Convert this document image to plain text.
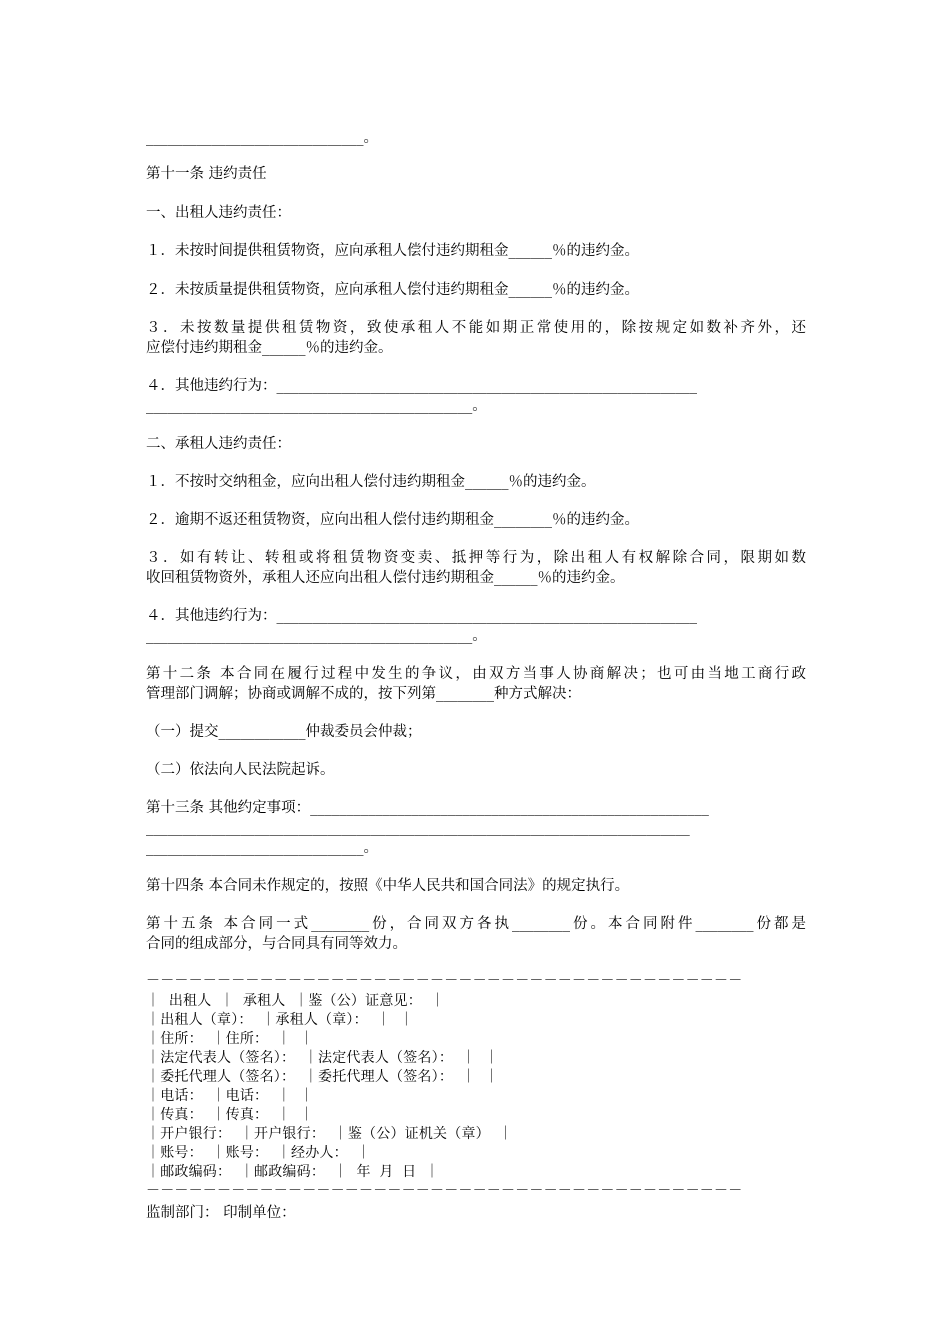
______________________________。
第十一条 违约责任
一、出租人违约责任：
１．未按时间提供租赁物资，应向承租人偿付违约期租金______％的违约金。
２．未按质量提供租赁物资，应向承租人偿付违约期租金______％的违约金。
３．未按数量提供租赁物资，致使承租人不能如期正常使用的，除按规定如数补齐外，还
应偿付违约期租金______％的违约金。
４．其他违约行为：__________________________________________________________
_____________________________________________。
二、承租人违约责任：
１．不按时交纳租金，应向出租人偿付违约期租金______％的违约金。
２．逾期不返还租赁物资，应向出租人偿付违约期租金________％的违约金。
３．如有转让、转租或将租赁物资变卖、抵押等行为，除出租人有权解除合同，限期如数
收回租赁物资外，承租人还应向出租人偿付违约期租金______％的违约金。
４．其他违约行为：__________________________________________________________
_____________________________________________。
第十二条 本合同在履行过程中发生的争议，由双方当事人协商解决；也可由当地工商行政
管理部门调解；协商或调解不成的，按下列第________种方式解决：
（一）提交____________仲裁委员会仲裁；
（二）依法向人民法院起诉。
第十三条 其他约定事项：_______________________________________________________
___________________________________________________________________________
______________________________。
第十四条 本合同未作规定的，按照《中华人民共和国合同法》的规定执行。
第十五条 本合同一式________份，合同双方各执________份。本合同附件________份都是
合同的组成部分，与合同具有同等效力。
－－－－－－－－－－－－－－－－－－－－－－－－－－－－－－－－－－－－－－－－－－
｜ 出租人 ｜ 承租人 ｜鉴（公）证意见： ｜
｜出租人（章）： ｜承租人（章）： ｜ ｜
｜住所： ｜住所： ｜ ｜
｜法定代表人（签名）： ｜法定代表人（签名）： ｜ ｜
｜委托代理人（签名）： ｜委托代理人（签名）： ｜ ｜
｜电话： ｜电话： ｜ ｜
｜传真： ｜传真： ｜ ｜
｜开户银行： ｜开户银行： ｜鉴（公）证机关（章） ｜
｜账号： ｜账号： ｜经办人： ｜
｜邮政编码： ｜邮政编码： ｜ 年 月 日 ｜
－－－－－－－－－－－－－－－－－－－－－－－－－－－－－－－－－－－－－－－－－－
监制部门： 印制单位：
